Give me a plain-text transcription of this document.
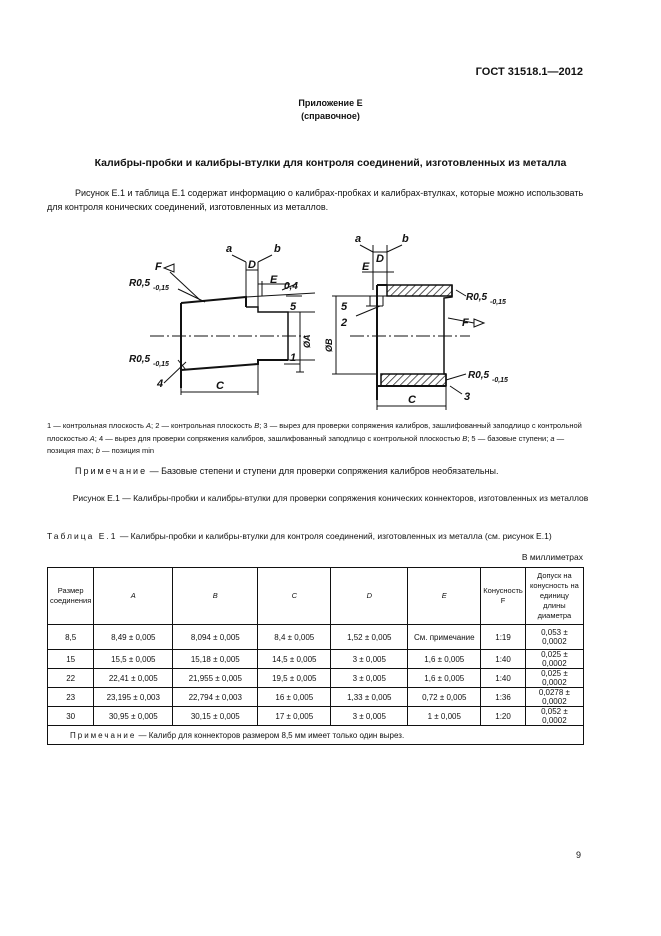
ГОСТ 31518.1—2012
Приложение Е
(справочное)
Калибры-пробки и калибры-втулки для контроля соединений, изготовленных из металла
Рисунок Е.1 и таблица Е.1 содержат информацию о калибрах-пробках и калибрах-втулках, которые можно использовать для контроля конических соединений, изготовленных из металлов.
a	b
D
E
F
0,4
R0,5 -0,15
R0,5 -0,15
5
1
4	C
ØA
a	b
D
E
5
2
R0,5 -0,15
F
R0,5 -0,15
3
C
ØB
1 — контрольная плоскость A; 2 — контрольная плоскость B; 3 — вырез для проверки сопряжения калибров, зашлифованный заподлицо с контрольной плоскостью A; 4 — вырез для проверки сопряжения калибров, зашлифованный заподлицо с контрольной плоскостью B; 5 — базовые ступени; a — позиция max; b — позиция min
Примечание — Базовые степени и ступени для проверки сопряжения калибров необязательны.
Рисунок Е.1 — Калибры-пробки и калибры-втулки для проверки сопряжения конических коннекторов, изготовленных из металлов
Таблица Е.1 — Калибры-пробки и калибры-втулки для контроля соединений, изготовленных из металла (см. рисунок Е.1)
В миллиметрах
Размер соединения	A	B	C	D	E	Конусность F	Допуск на конусность на единицу длины диаметра
8,5	8,49 ± 0,005	8,094 ± 0,005	8,4 ± 0,005	1,52 ± 0,005	См. примечание	1:19	0,053 ± 0,0002
15	15,5 ± 0,005	15,18 ± 0,005	14,5 ± 0,005	3 ± 0,005	1,6 ± 0,005	1:40	0,025 ± 0,0002
22	22,41 ± 0,005	21,955 ± 0,005	19,5 ± 0,005	3 ± 0,005	1,6 ± 0,005	1:40	0,025 ± 0,0002
23	23,195 ± 0,003	22,794 ± 0,003	16 ± 0,005	1,33 ± 0,005	0,72 ± 0,005	1:36	0,0278 ± 0,0002
30	30,95 ± 0,005	30,15 ± 0,005	17 ± 0,005	3 ± 0,005	1 ± 0,005	1:20	0,052 ± 0,0002
Примечание — Калибр для коннекторов размером 8,5 мм имеет только один вырез.							
9
